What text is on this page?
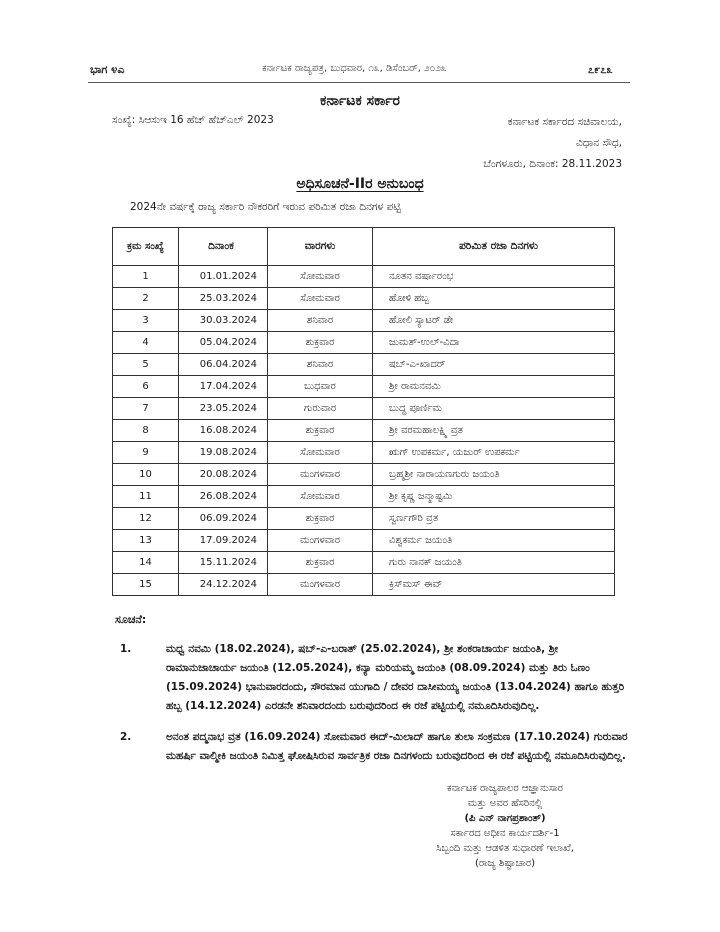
ಭಾಗ ೪ಎ	ಕರ್ನಾಟಕ ರಾಜ್ಯಪತ್ರ, ಬುಧವಾರ, ೧೩, ಡಿಸೆಂಬರ್, ೨೦೨೩	೭೯೭೩
ಕರ್ನಾಟಕ ಸರ್ಕಾರ
ಸಂಖ್ಯೆ: ಸಿಆಸುಇ 16 ಹೆಚ್ ಹೆಚ್ಎಲ್ 2023	ಕರ್ನಾಟಕ ಸರ್ಕಾರದ ಸಚಿವಾಲಯ,
ವಿಧಾನ ಸೌಧ,
ಬೆಂಗಳೂರು, ದಿನಾಂಕ: 28.11.2023
ಅಧಿಸೂಚನೆ-IIರ ಅನುಬಂಧ
2024ನೇ ವರ್ಷಕ್ಕೆ ರಾಜ್ಯ ಸರ್ಕಾರಿ ನೌಕರರಿಗೆ ಇರುವ ಪರಿಮಿತ ರಜಾ ದಿನಗಳ ಪಟ್ಟಿ
ಕ್ರಮ ಸಂಖ್ಯೆ	ದಿನಾಂಕ	ವಾರಗಳು	ಪರಿಮಿತ ರಜಾ ದಿನಗಳು
1	01.01.2024	ಸೋಮವಾರ	ನೂತನ ವರ್ಷಾರಂಭ
2	25.03.2024	ಸೋಮವಾರ	ಹೋಳಿ ಹಬ್ಬ
3	30.03.2024	ಶನಿವಾರ	ಹೋಲಿ ಸ್ಯಾಟರ್ ಡೇ
4	05.04.2024	ಶುಕ್ರವಾರ	ಜುಮತ್-ಉಲ್-ವಿದಾ
5	06.04.2024	ಶನಿವಾರ	ಷಬ್-ಎ-ಖಾದರ್
6	17.04.2024	ಬುಧವಾರ	ಶ್ರೀ ರಾಮನವಮಿ
7	23.05.2024	ಗುರುವಾರ	ಬುದ್ಧ ಪೂರ್ಣಿಮ
8	16.08.2024	ಶುಕ್ರವಾರ	ಶ್ರೀ ವರಮಹಾಲಕ್ಷ್ಮಿ ವ್ರತ
9	19.08.2024	ಸೋಮವಾರ	ಋಗ್ ಉಪಕರ್ಮ, ಯಜುರ್ ಉಪಕರ್ಮ
10	20.08.2024	ಮಂಗಳವಾರ	ಬ್ರಹ್ಮಶ್ರೀ ನಾರಾಯಣಗುರು ಜಯಂತಿ
11	26.08.2024	ಸೋಮವಾರ	ಶ್ರೀ ಕೃಷ್ಣ ಜನ್ಮಾಷ್ಟಮಿ
12	06.09.2024	ಶುಕ್ರವಾರ	ಸ್ವರ್ಣಗೌರಿ ವ್ರತ
13	17.09.2024	ಮಂಗಳವಾರ	ವಿಶ್ವಕರ್ಮ ಜಯಂತಿ
14	15.11.2024	ಶುಕ್ರವಾರ	ಗುರು ನಾನಕ್ ಜಯಂತಿ
15	24.12.2024	ಮಂಗಳವಾರ	ಕ್ರಿಸ್‌ಮಸ್ ಈವ್
ಸೂಚನೆ:
1.	ಮಧ್ವ ನವಮಿ (18.02.2024), ಷಬ್-ಎ-ಬರಾತ್ (25.02.2024), ಶ್ರೀ ಶಂಕರಾಚಾರ್ಯ ಜಯಂತಿ, ಶ್ರೀ ರಾಮಾನುಜಾಚಾರ್ಯ ಜಯಂತಿ (12.05.2024), ಕನ್ಯಾ ಮರಿಯಮ್ಮ ಜಯಂತಿ (08.09.2024) ಮತ್ತು ತಿರು ಓಣಂ (15.09.2024) ಭಾನುವಾರದಂದು, ಸೌರಮಾನ ಯುಗಾದಿ / ದೇವರ ದಾಸೀಮಯ್ಯ ಜಯಂತಿ (13.04.2024) ಹಾಗೂ ಹುತ್ತರಿ ಹಬ್ಬ (14.12.2024) ಎರಡನೇ ಶನಿವಾರದಂದು ಬರುವುದರಿಂದ ಈ ರಜೆ ಪಟ್ಟಿಯಲ್ಲಿ ನಮೂದಿಸಿರುವುದಿಲ್ಲ.
2.	ಅನಂತ ಪದ್ಮನಾಭ ವ್ರತ (16.09.2024) ಸೋಮವಾರ ಈದ್-ಮಿಲಾದ್ ಹಾಗೂ ತುಲಾ ಸಂಕ್ರಮಣ (17.10.2024) ಗುರುವಾರ ಮಹರ್ಷಿ ವಾಲ್ಮೀಕಿ ಜಯಂತಿ ನಿಮಿತ್ತ ಘೋಷಿಸಿರುವ ಸಾರ್ವತ್ರಿಕ ರಜಾ ದಿನಗಳಂದು ಬರುವುದರಿಂದ ಈ ರಜೆ ಪಟ್ಟಿಯಲ್ಲಿ ನಮೂದಿಸಿರುವುದಿಲ್ಲ.
ಕರ್ನಾಟಕ ರಾಜ್ಯಪಾಲರ ಆಜ್ಞಾನುಸಾರ
ಮತ್ತು ಅವರ ಹೆಸರಿನಲ್ಲಿ
(ಪಿ ಎನ್ ನಾಗಪ್ರಶಾಂತ್)
ಸರ್ಕಾರದ ಅಧೀನ ಕಾರ್ಯದರ್ಶಿ-1
ಸಿಬ್ಬಂದಿ ಮತ್ತು ಆಡಳಿತ ಸುಧಾರಣೆ ಇಲಾಖೆ,
(ರಾಜ್ಯ ಶಿಷ್ಟಾಚಾರ)
